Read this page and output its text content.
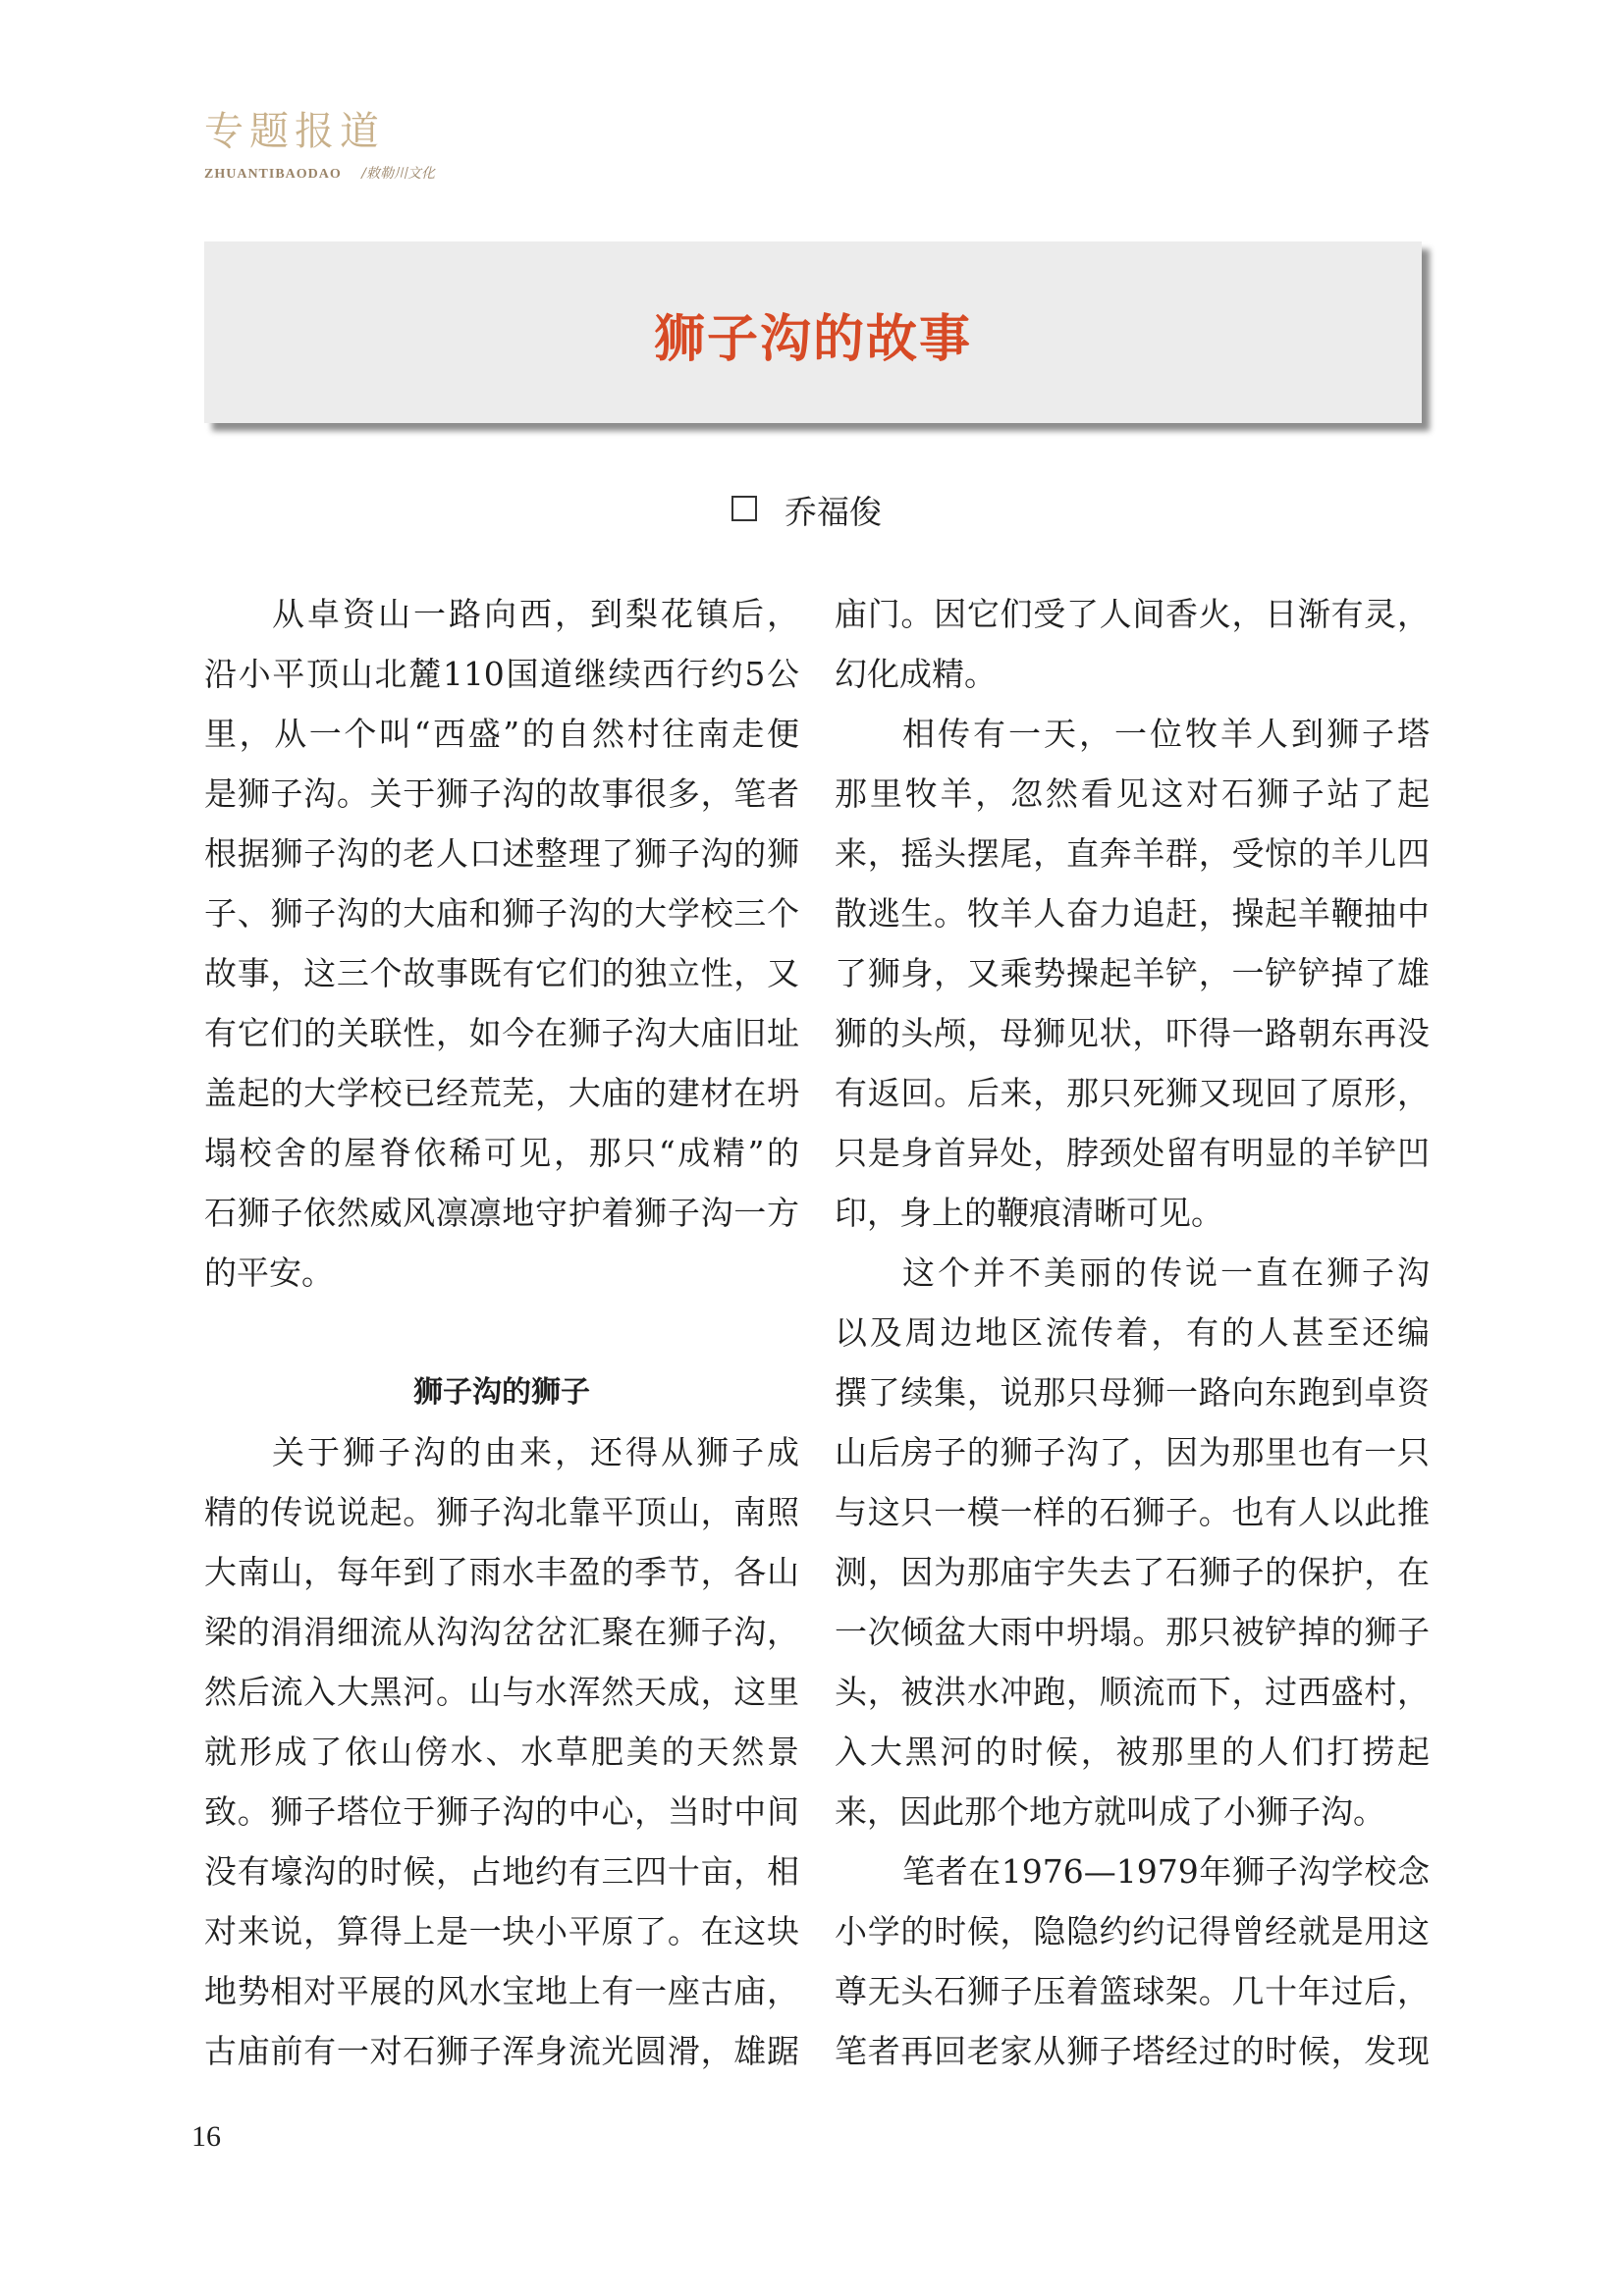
专题报道
ZHUANTIBAODAO /敕勒川文化
狮子沟的故事
乔福俊
从卓资山一路向西，到梨花镇后，
沿小平顶山北麓110国道继续西行约5公
里，从一个叫“西盛”的自然村往南走便
是狮子沟。关于狮子沟的故事很多，笔者
根据狮子沟的老人口述整理了狮子沟的狮
子、狮子沟的大庙和狮子沟的大学校三个
故事，这三个故事既有它们的独立性，又
有它们的关联性，如今在狮子沟大庙旧址
盖起的大学校已经荒芜，大庙的建材在坍
塌校舍的屋脊依稀可见，那只“成精”的
石狮子依然威风凛凛地守护着狮子沟一方
的平安。
狮子沟的狮子
关于狮子沟的由来，还得从狮子成
精的传说说起。狮子沟北靠平顶山，南照
大南山，每年到了雨水丰盈的季节，各山
梁的涓涓细流从沟沟岔岔汇聚在狮子沟，
然后流入大黑河。山与水浑然天成，这里
就形成了依山傍水、水草肥美的天然景
致。狮子塔位于狮子沟的中心，当时中间
没有壕沟的时候，占地约有三四十亩，相
对来说，算得上是一块小平原了。在这块
地势相对平展的风水宝地上有一座古庙，
古庙前有一对石狮子浑身流光圆滑，雄踞
庙门。因它们受了人间香火，日渐有灵，
幻化成精。
相传有一天，一位牧羊人到狮子塔
那里牧羊，忽然看见这对石狮子站了起
来，摇头摆尾，直奔羊群，受惊的羊儿四
散逃生。牧羊人奋力追赶，操起羊鞭抽中
了狮身，又乘势操起羊铲，一铲铲掉了雄
狮的头颅，母狮见状，吓得一路朝东再没
有返回。后来，那只死狮又现回了原形，
只是身首异处，脖颈处留有明显的羊铲凹
印，身上的鞭痕清晰可见。
这个并不美丽的传说一直在狮子沟
以及周边地区流传着，有的人甚至还编
撰了续集，说那只母狮一路向东跑到卓资
山后房子的狮子沟了，因为那里也有一只
与这只一模一样的石狮子。也有人以此推
测，因为那庙宇失去了石狮子的保护，在
一次倾盆大雨中坍塌。那只被铲掉的狮子
头，被洪水冲跑，顺流而下，过西盛村，
入大黑河的时候，被那里的人们打捞起
来，因此那个地方就叫成了小狮子沟。
笔者在1976—1979年狮子沟学校念
小学的时候，隐隐约约记得曾经就是用这
尊无头石狮子压着篮球架。几十年过后，
笔者再回老家从狮子塔经过的时候，发现
16
